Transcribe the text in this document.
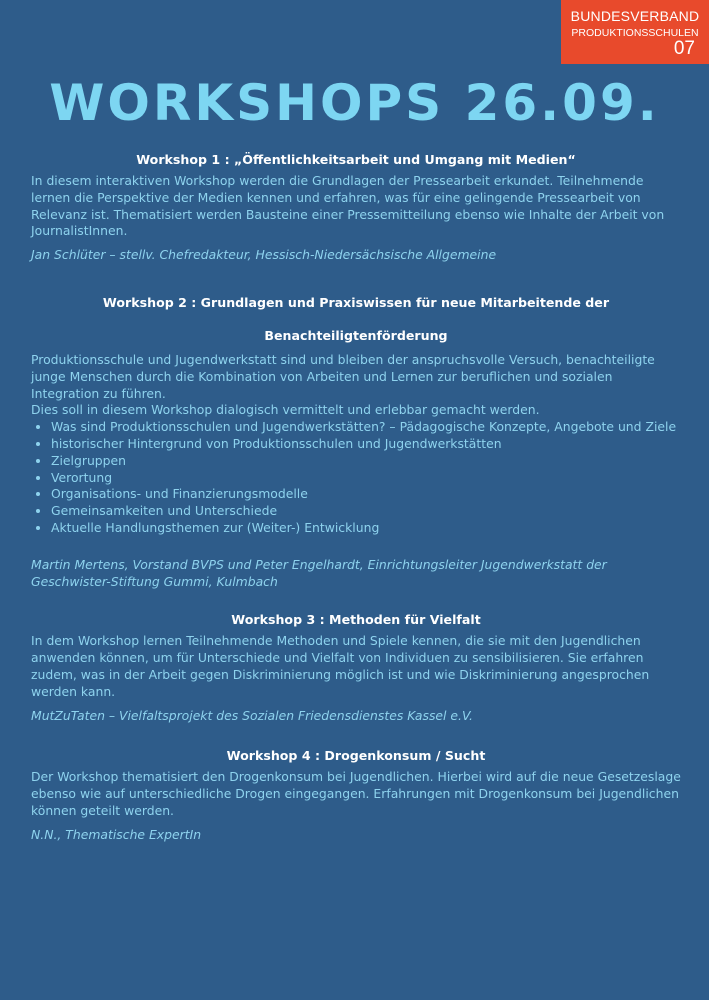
BUNDESVERBAND
PRODUKTIONSSCHULEN
07
WORKSHOPS 26.09.

Workshop 1 : „Öffentlichkeitsarbeit und Umgang mit Medien“

In diesem interaktiven Workshop werden die Grundlagen der Pressearbeit erkundet. Teilnehmende lernen die Perspektive der Medien kennen und erfahren, was für eine gelingende Pressearbeit von Relevanz ist. Thematisiert werden Bausteine einer Pressemitteilung ebenso wie Inhalte der Arbeit von JournalistInnen.

Jan Schlüter – stellv. Chefredakteur, Hessisch-Niedersächsische Allgemeine

Workshop 2 : Grundlagen und Praxiswissen für neue Mitarbeitende der
Benachteiligtenförderung

Produktionsschule und Jugendwerkstatt sind und bleiben der anspruchsvolle Versuch, benachteiligte junge Menschen durch die Kombination von Arbeiten und Lernen zur beruflichen und sozialen Integration zu führen.

Dies soll in diesem Workshop dialogisch vermittelt und erlebbar gemacht werden.

• Was sind Produktionsschulen und Jugendwerkstätten? – Pädagogische Konzepte, Angebote und Ziele
• historischer Hintergrund von Produktionsschulen und Jugendwerkstätten
• Zielgruppen
• Verortung
• Organisations- und Finanzierungsmodelle
• Gemeinsamkeiten und Unterschiede
• Aktuelle Handlungsthemen zur (Weiter-) Entwicklung

Martin Mertens, Vorstand BVPS und Peter Engelhardt, Einrichtungsleiter Jugendwerkstatt der Geschwister-Stiftung Gummi, Kulmbach

Workshop 3 : Methoden für Vielfalt

In dem Workshop lernen Teilnehmende Methoden und Spiele kennen, die sie mit den Jugendlichen anwenden können, um für Unterschiede und Vielfalt von Individuen zu sensibilisieren. Sie erfahren zudem, was in der Arbeit gegen Diskriminierung möglich ist und wie Diskriminierung angesprochen werden kann.

MutZuTaten – Vielfaltsprojekt des Sozialen Friedensdienstes Kassel e.V.

Workshop 4 : Drogenkonsum / Sucht

Der Workshop thematisiert den Drogenkonsum bei Jugendlichen. Hierbei wird auf die neue Gesetzeslage ebenso wie auf unterschiedliche Drogen eingegangen. Erfahrungen mit Drogenkonsum bei Jugendlichen können geteilt werden.

N.N., Thematische ExpertIn
